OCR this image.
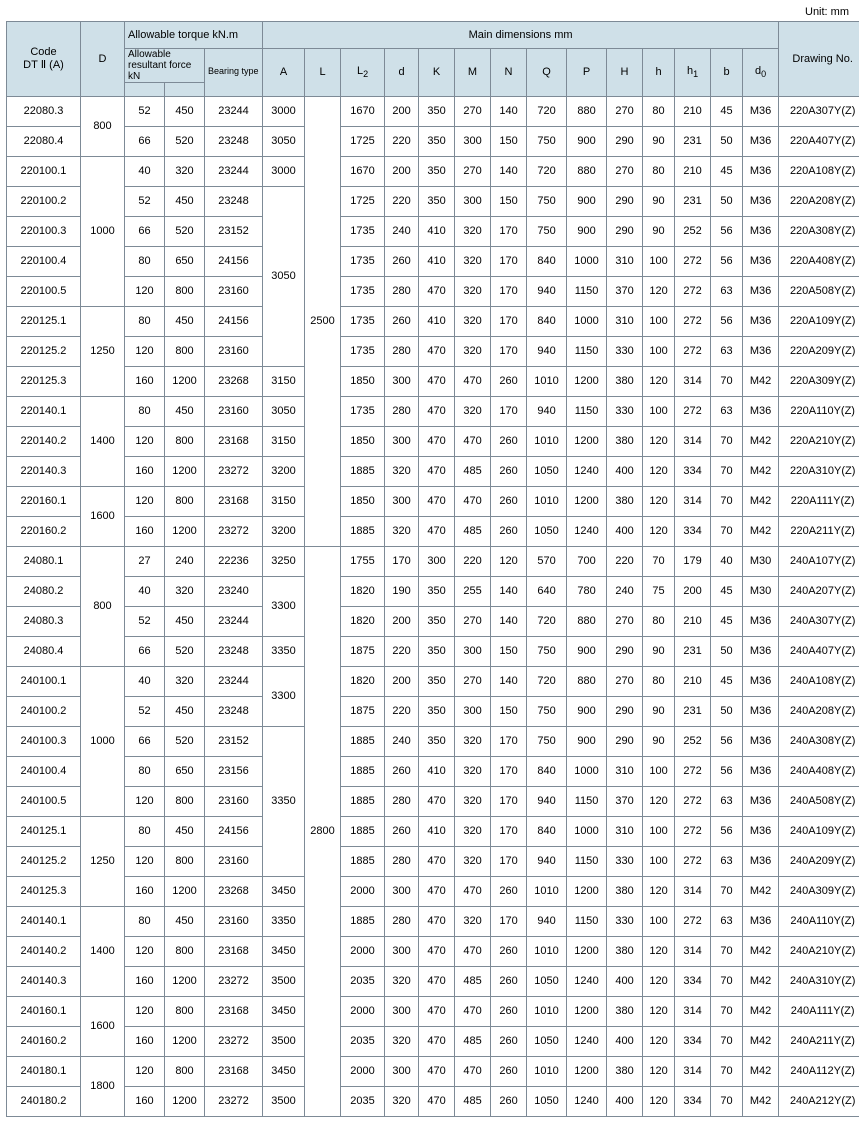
Unit: mm
Code
DT Ⅱ (A)	D	Allowable torque kN.m			Main dimensions mm														Drawing No.

		Allowable resultant force kN		Bearing type	A	L	$L_2$	d	K	M	N	Q	P	H	h	$h_1$	b	$d_0$

22080.3	800	52	450	23244	3000	2500	1670	200	350	270	140	720	880	270	80	210	45	M36	220A307Y(Z)
22080.4		66	520	23248	3050		1725	220	350	300	150	750	900	290	90	231	50	M36	220A407Y(Z)
220100.1	1000	40	320	23244	3000		1670	200	350	270	140	720	880	270	80	210	45	M36	220A108Y(Z)
220100.2		52	450	23248	3050		1725	220	350	300	150	750	900	290	90	231	50	M36	220A208Y(Z)
220100.3		66	520	23152			1735	240	410	320	170	750	900	290	90	252	56	M36	220A308Y(Z)
220100.4		80	650	24156			1735	260	410	320	170	840	1000	310	100	272	56	M36	220A408Y(Z)
220100.5		120	800	23160			1735	280	470	320	170	940	1150	370	120	272	63	M36	220A508Y(Z)
220125.1	1250	80	450	24156			1735	260	410	320	170	840	1000	310	100	272	56	M36	220A109Y(Z)
220125.2		120	800	23160			1735	280	470	320	170	940	1150	330	100	272	63	M36	220A209Y(Z)
220125.3		160	1200	23268	3150		1850	300	470	470	260	1010	1200	380	120	314	70	M42	220A309Y(Z)
220140.1	1400	80	450	23160	3050		1735	280	470	320	170	940	1150	330	100	272	63	M36	220A110Y(Z)
220140.2		120	800	23168	3150		1850	300	470	470	260	1010	1200	380	120	314	70	M42	220A210Y(Z)
220140.3		160	1200	23272	3200		1885	320	470	485	260	1050	1240	400	120	334	70	M42	220A310Y(Z)
220160.1	1600	120	800	23168	3150		1850	300	470	470	260	1010	1200	380	120	314	70	M42	220A111Y(Z)
220160.2		160	1200	23272	3200		1885	320	470	485	260	1050	1240	400	120	334	70	M42	220A211Y(Z)
24080.1	800	27	240	22236	3250	2800	1755	170	300	220	120	570	700	220	70	179	40	M30	240A107Y(Z)
24080.2		40	320	23240	3300		1820	190	350	255	140	640	780	240	75	200	45	M30	240A207Y(Z)
24080.3		52	450	23244			1820	200	350	270	140	720	880	270	80	210	45	M36	240A307Y(Z)
24080.4		66	520	23248	3350		1875	220	350	300	150	750	900	290	90	231	50	M36	240A407Y(Z)
240100.1	1000	40	320	23244	3300		1820	200	350	270	140	720	880	270	80	210	45	M36	240A108Y(Z)
240100.2		52	450	23248			1875	220	350	300	150	750	900	290	90	231	50	M36	240A208Y(Z)
240100.3		66	520	23152	3350		1885	240	350	320	170	750	900	290	90	252	56	M36	240A308Y(Z)
240100.4		80	650	23156			1885	260	410	320	170	840	1000	310	100	272	56	M36	240A408Y(Z)
240100.5		120	800	23160			1885	280	470	320	170	940	1150	370	120	272	63	M36	240A508Y(Z)
240125.1	1250	80	450	24156			1885	260	410	320	170	840	1000	310	100	272	56	M36	240A109Y(Z)
240125.2		120	800	23160			1885	280	470	320	170	940	1150	330	100	272	63	M36	240A209Y(Z)
240125.3		160	1200	23268	3450		2000	300	470	470	260	1010	1200	380	120	314	70	M42	240A309Y(Z)
240140.1	1400	80	450	23160	3350		1885	280	470	320	170	940	1150	330	100	272	63	M36	240A110Y(Z)
240140.2		120	800	23168	3450		2000	300	470	470	260	1010	1200	380	120	314	70	M42	240A210Y(Z)
240140.3		160	1200	23272	3500		2035	320	470	485	260	1050	1240	400	120	334	70	M42	240A310Y(Z)
240160.1	1600	120	800	23168	3450		2000	300	470	470	260	1010	1200	380	120	314	70	M42	240A111Y(Z)
240160.2		160	1200	23272	3500		2035	320	470	485	260	1050	1240	400	120	334	70	M42	240A211Y(Z)
240180.1	1800	120	800	23168	3450		2000	300	470	470	260	1010	1200	380	120	314	70	M42	240A112Y(Z)
240180.2		160	1200	23272	3500		2035	320	470	485	260	1050	1240	400	120	334	70	M42	240A212Y(Z)
